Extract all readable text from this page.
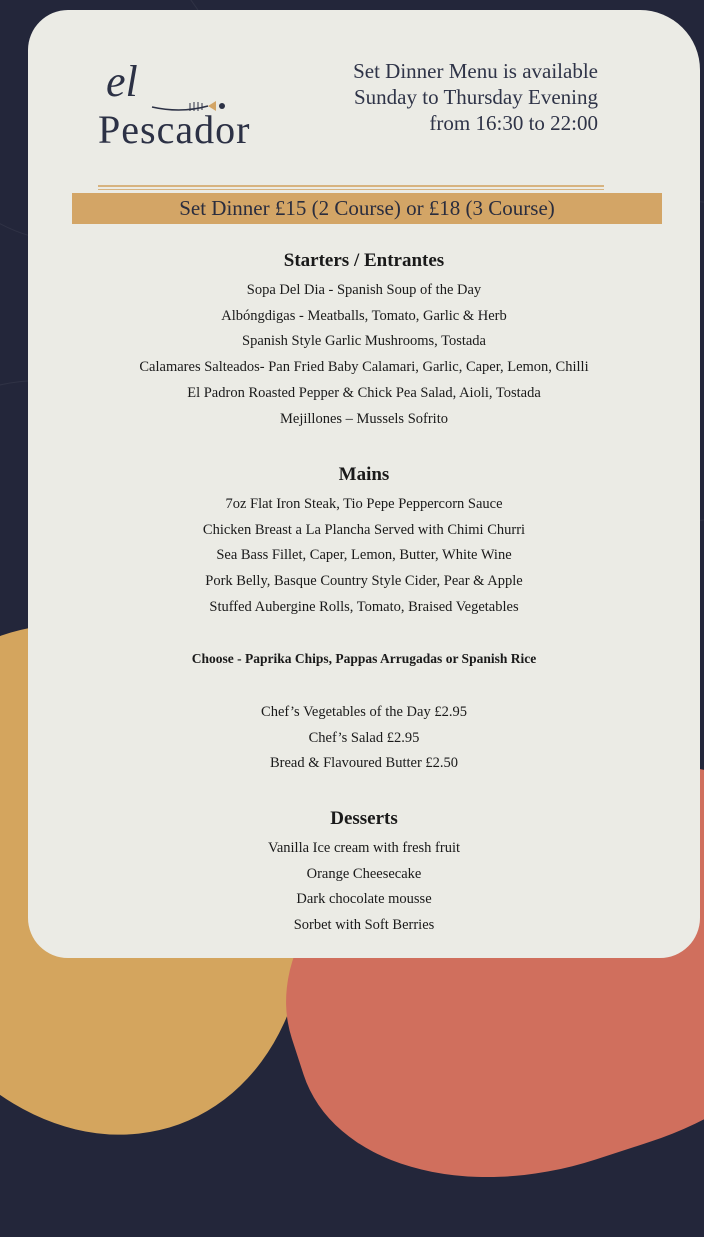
el
Pescador
Set Dinner Menu is available
Sunday to Thursday Evening
from 16:30 to 22:00
Set Dinner £15 (2 Course) or £18 (3 Course)
Starters / Entrantes
Sopa Del Dia - Spanish Soup of the Day
Albóngdigas - Meatballs, Tomato, Garlic & Herb
Spanish Style Garlic Mushrooms, Tostada
Calamares Salteados- Pan Fried Baby Calamari, Garlic, Caper, Lemon, Chilli
El Padron Roasted Pepper & Chick Pea Salad, Aioli, Tostada
Mejillones – Mussels Sofrito
Mains
7oz Flat Iron Steak, Tio Pepe Peppercorn Sauce
Chicken Breast a La Plancha Served with Chimi Churri
Sea Bass Fillet, Caper, Lemon, Butter, White Wine
Pork Belly, Basque Country Style Cider, Pear & Apple
Stuffed Aubergine Rolls, Tomato, Braised Vegetables
Choose - Paprika Chips, Pappas Arrugadas or Spanish Rice
Chef’s Vegetables of the Day £2.95
Chef’s Salad £2.95
Bread & Flavoured Butter £2.50
Desserts
Vanilla Ice cream with fresh fruit
Orange Cheesecake
Dark chocolate mousse
Sorbet with Soft Berries
